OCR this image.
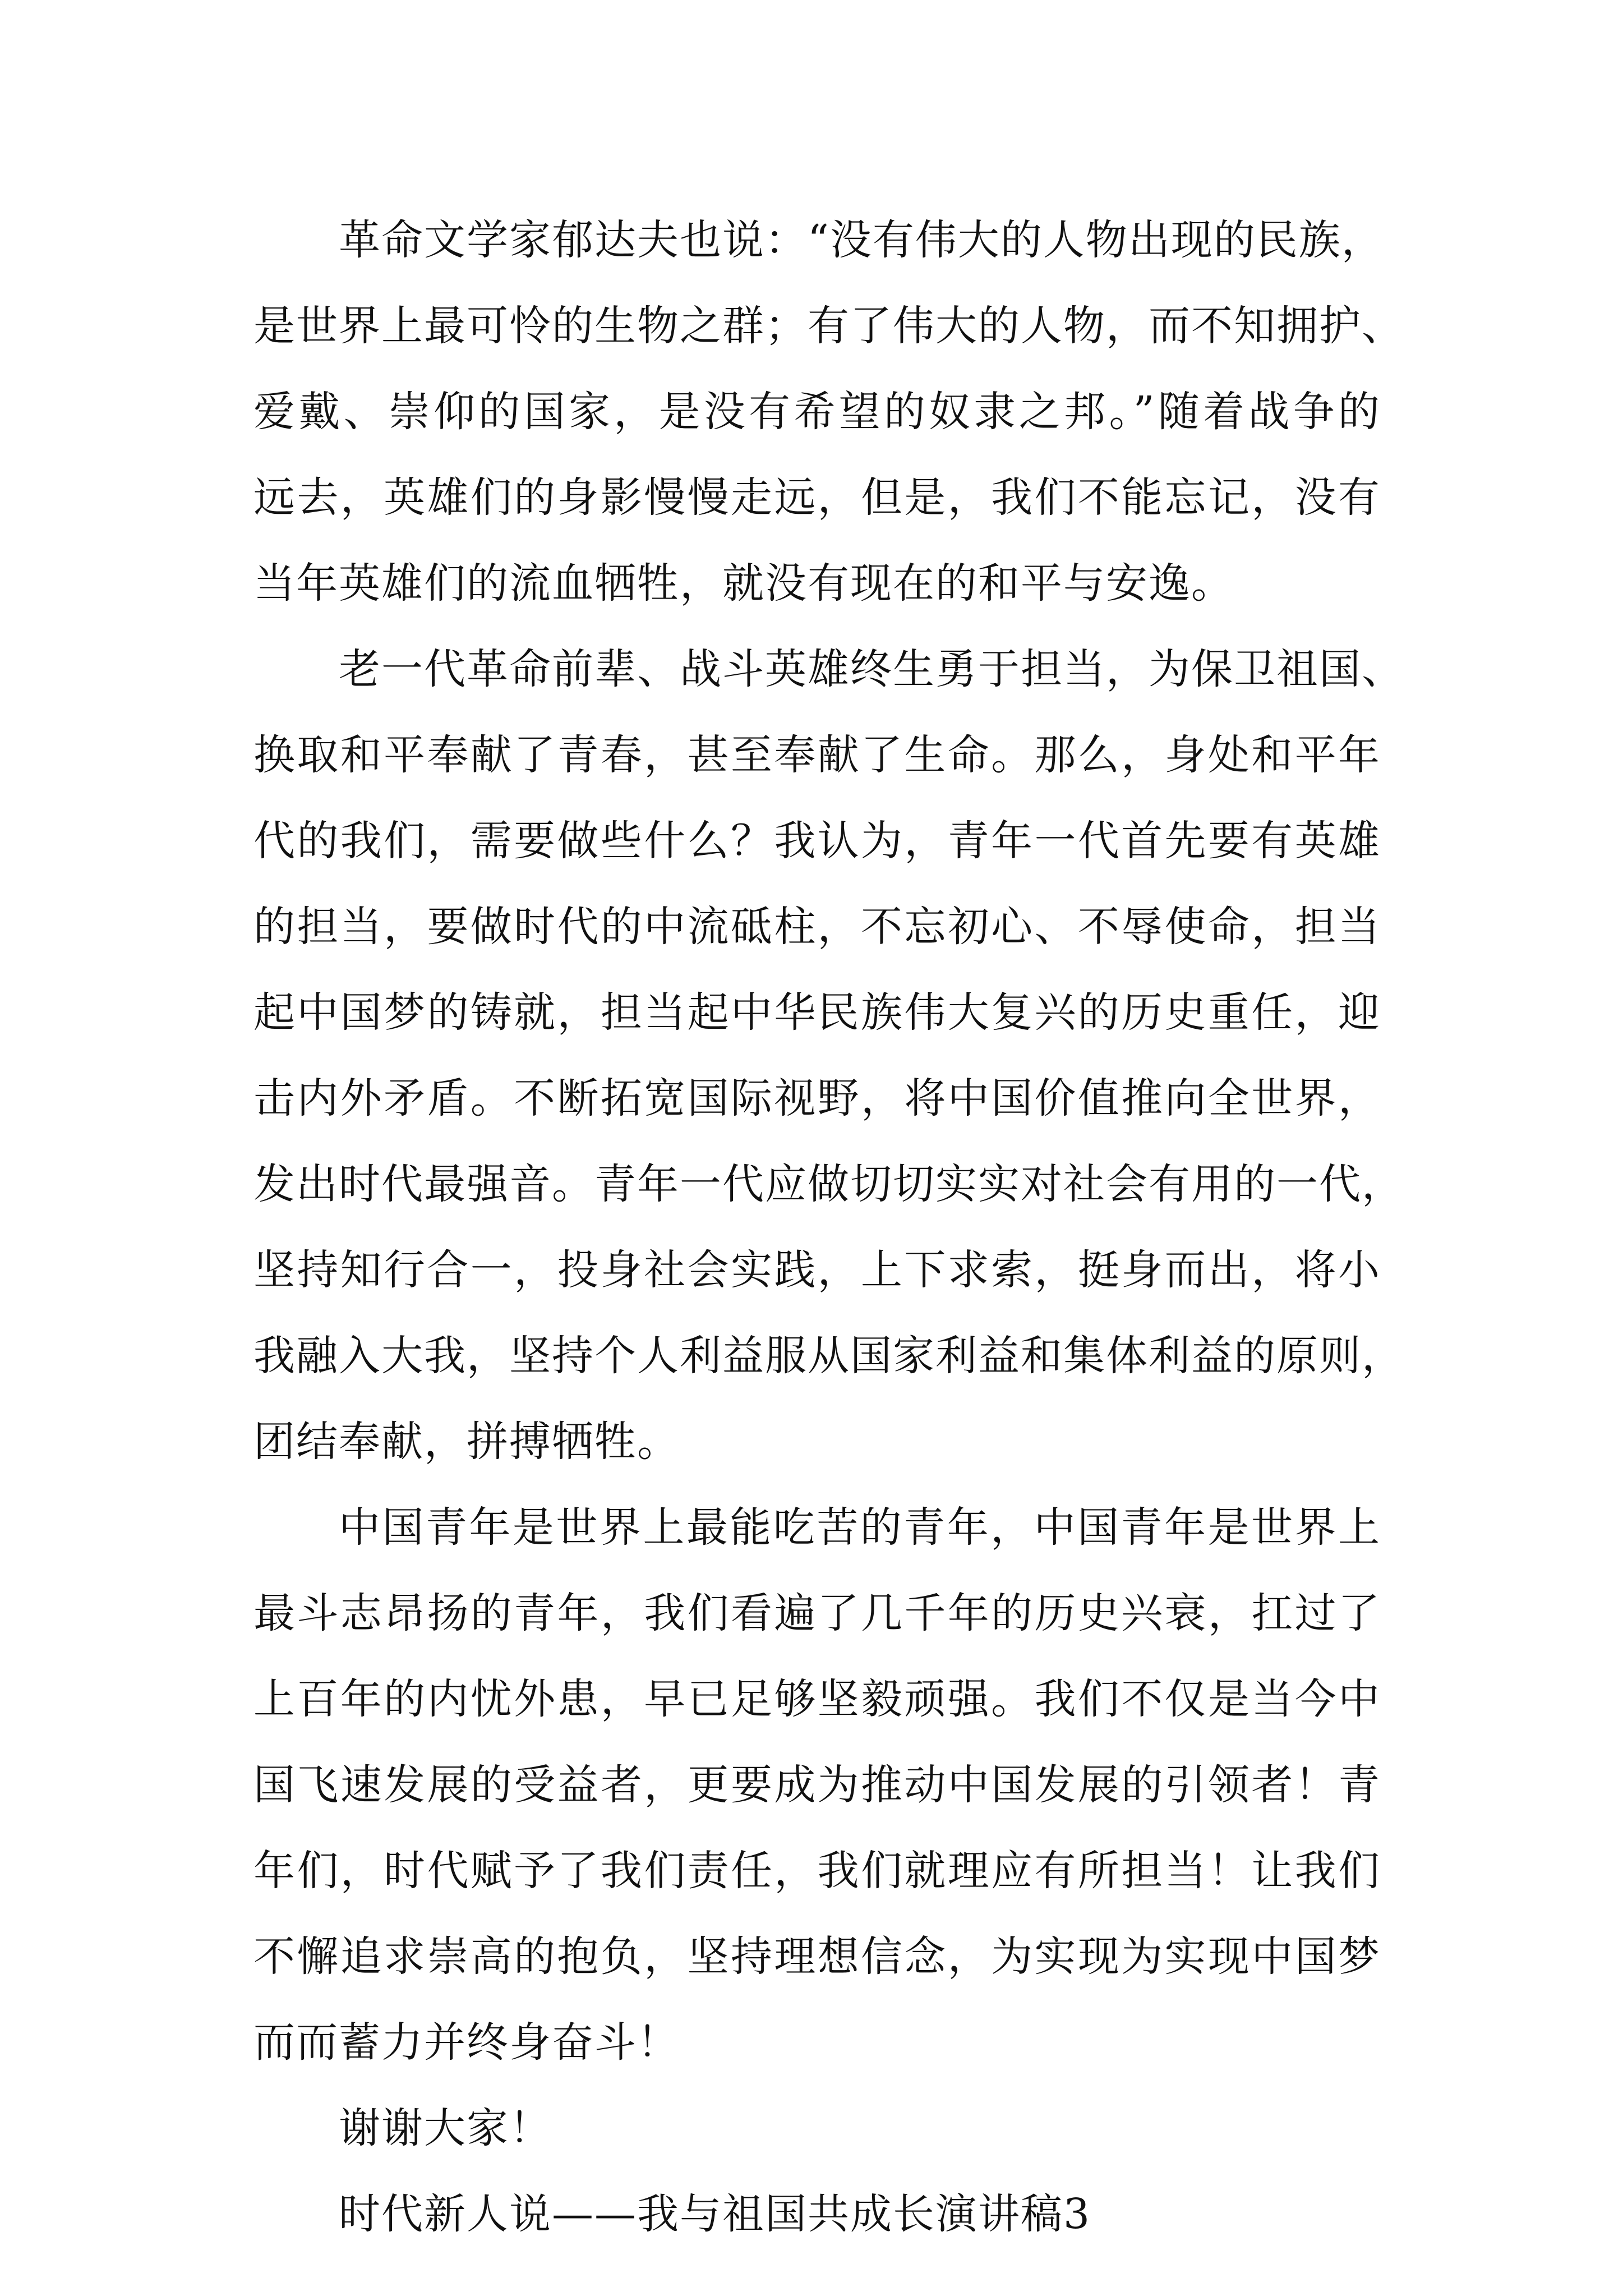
革命文学家郁达夫也说：“没有伟大的人物出现的民族，
是世界上最可怜的生物之群；有了伟大的人物，而不知拥护、
爱戴、崇仰的国家，是没有希望的奴隶之邦。”随着战争的
远去，英雄们的身影慢慢走远，但是，我们不能忘记，没有
当年英雄们的流血牺牲，就没有现在的和平与安逸。
老一代革命前辈、战斗英雄终生勇于担当，为保卫祖国、
换取和平奉献了青春，甚至奉献了生命。那么，身处和平年
代的我们，需要做些什么？我认为，青年一代首先要有英雄
的担当，要做时代的中流砥柱，不忘初心、不辱使命，担当
起中国梦的铸就，担当起中华民族伟大复兴的历史重任，迎
击内外矛盾。不断拓宽国际视野，将中国价值推向全世界，
发出时代最强音。青年一代应做切切实实对社会有用的一代，
坚持知行合一，投身社会实践，上下求索，挺身而出，将小
我融入大我，坚持个人利益服从国家利益和集体利益的原则，
团结奉献，拼搏牺牲。
中国青年是世界上最能吃苦的青年，中国青年是世界上
最斗志昂扬的青年，我们看遍了几千年的历史兴衰，扛过了
上百年的内忧外患，早已足够坚毅顽强。我们不仅是当今中
国飞速发展的受益者，更要成为推动中国发展的引领者！青
年们，时代赋予了我们责任，我们就理应有所担当！让我们
不懈追求崇高的抱负，坚持理想信念，为实现为实现中国梦
而而蓄力并终身奋斗！
谢谢大家！
时代新人说——我与祖国共成长演讲稿3
